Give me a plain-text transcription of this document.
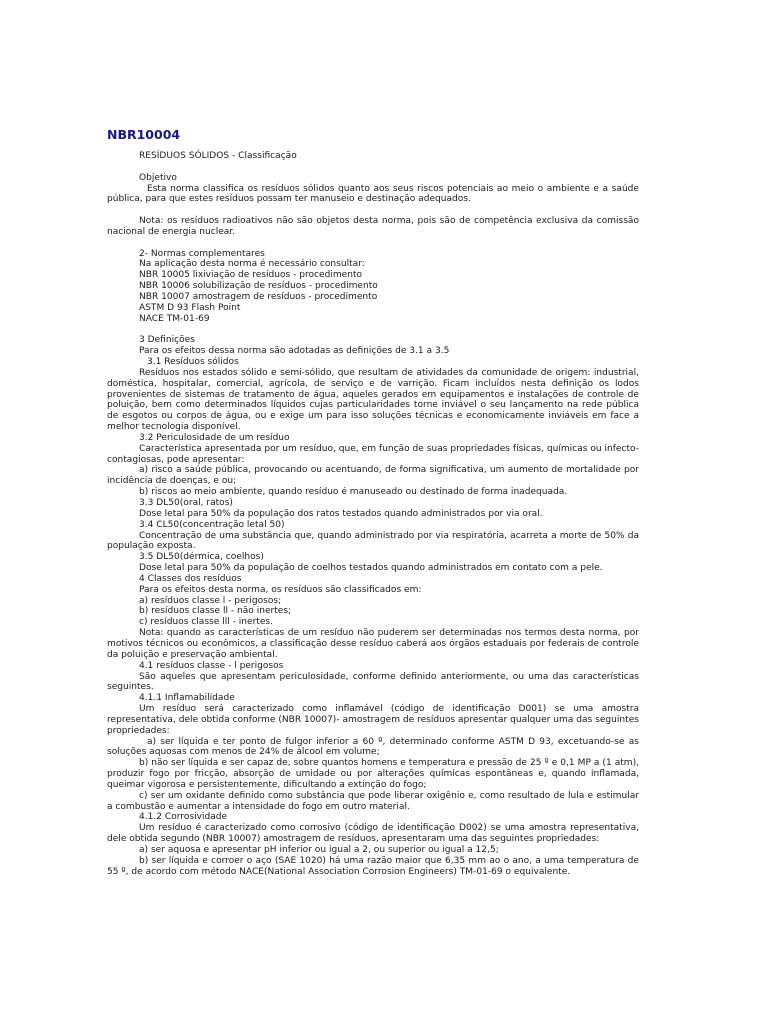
NBR10004

RESÍDUOS SÓLIDOS - Classificação

Objetivo

Esta norma classifica os resíduos sólidos quanto aos seus riscos potenciais ao meio o ambiente e a saúde pública, para que estes resíduos possam ter manuseio e destinação adequados.

Nota: os resíduos radioativos não são objetos desta norma, pois são de competência exclusiva da comissão nacional de energia nuclear.

2- Normas complementares

Na aplicação desta norma é necessário consultar:

NBR 10005 lixiviação de resíduos - procedimento

NBR 10006 solubilização de resíduos - procedimento

NBR 10007 amostragem de resíduos - procedimento

ASTM D 93 Flash Point

NACE TM-01-69

3 Definições

Para os efeitos dessa norma são adotadas as definições de 3.1 a 3.5

3.1 Resíduos sólidos

Resíduos nos estados sólido e semi-sólido, que resultam de atividades da comunidade de origem: industrial, doméstica, hospitalar, comercial, agrícola, de serviço e de varrição. Ficam incluídos nesta definição os lodos provenientes de sistemas de tratamento de água, aqueles gerados em equipamentos e instalações de controle de poluição, bem como determinados líquidos cujas particularidades torne inviável o seu lançamento na rede pública de esgotos ou corpos de água, ou e exige um para isso soluções técnicas e economicamente inviáveis em face a melhor tecnologia disponível.

3.2 Periculosidade de um resíduo

Característica apresentada por um resíduo, que, em função de suas propriedades físicas, químicas ou infecto-contagiosas, pode apresentar:

a) risco a saúde pública, provocando ou acentuando, de forma significativa, um aumento de mortalidade por incidência de doenças, e ou;

b) riscos ao meio ambiente, quando resíduo é manuseado ou destinado de forma inadequada.

3.3 DL50(oral, ratos)

Dose letal para 50% da população dos ratos testados quando administrados por via oral.

3.4 CL50(concentração letal 50)

Concentração de uma substância que, quando administrado por via respiratória, acarreta a morte de 50% da população exposta.

3.5 DL50(dérmica, coelhos)

Dose letal para 50% da população de coelhos testados quando administrados em contato com a pele.

4 Classes dos resíduos

Para os efeitos desta norma, os resíduos são classificados em:

a) resíduos classe l - perigosos;

b) resíduos classe ll - não inertes;

c) resíduos classe lll - inertes.

Nota: quando as características de um resíduo não puderem ser determinadas nos termos desta norma, por motivos técnicos ou econômicos, a classificação desse resíduo caberá aos órgãos estaduais por federais de controle da poluição e preservação ambiental.

4.1 resíduos classe - l perigosos

São aqueles que apresentam periculosidade, conforme definido anteriormente, ou uma das características seguintes.

4.1.1 Inflamabilidade

Um resíduo será caracterizado como inflamável (código de identificação D001) se uma amostra representativa, dele obtida conforme (NBR 10007)- amostragem de resíduos apresentar qualquer uma das seguintes propriedades:

a) ser líquida e ter ponto de fulgor inferior a 60 º, determinado conforme ASTM D 93, excetuando-se as soluções aquosas com menos de 24% de álcool em volume;

b) não ser líquida e ser capaz de, sobre quantos homens e temperatura e pressão de 25 º e 0,1 MP a (1 atm), produzir fogo por fricção, absorção de umidade ou por alterações químicas espontâneas e, quando inflamada, queimar vigorosa e persistentemente, dificultando a extinção do fogo;

c) ser um oxidante definido como substância que pode liberar oxigênio e, como resultado de lula e estimular a combustão e aumentar a intensidade do fogo em outro material.

4.1.2 Corrosividade

Um resíduo é caracterizado como corrosivo (código de identificação D002) se uma amostra representativa, dele obtida segundo (NBR 10007) amostragem de resíduos, apresentaram uma das seguintes propriedades:

a) ser aquosa e apresentar pH inferior ou igual a 2, ou superior ou igual a 12,5;

b) ser líquida e corroer o aço (SAE 1020) há uma razão maior que 6,35 mm ao o ano, a uma temperatura de 55 º, de acordo com método NACE(National Association Corrosion Engineers) TM-01-69 o equivalente.
